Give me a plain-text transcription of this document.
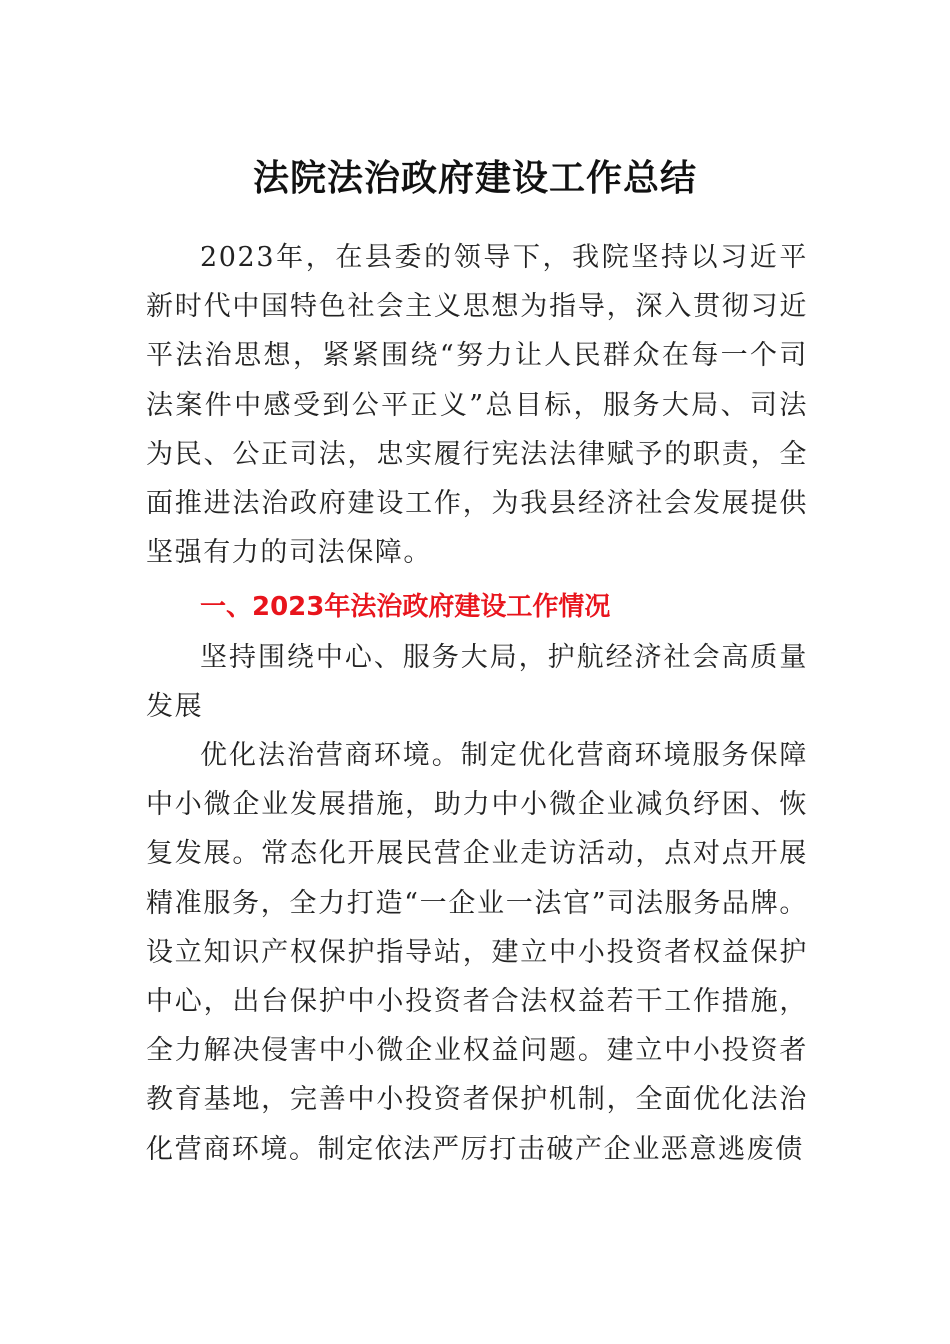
法院法治政府建设工作总结

2023年，在县委的领导下，我院坚持以习近平新时代中国特色社会主义思想为指导，深入贯彻习近平法治思想，紧紧围绕“努力让人民群众在每一个司法案件中感受到公平正义”总目标，服务大局、司法为民、公正司法，忠实履行宪法法律赋予的职责，全面推进法治政府建设工作，为我县经济社会发展提供坚强有力的司法保障。

一、2023年法治政府建设工作情况

坚持围绕中心、服务大局，护航经济社会高质量发展

优化法治营商环境。制定优化营商环境服务保障中小微企业发展措施，助力中小微企业减负纾困、恢复发展。常态化开展民营企业走访活动，点对点开展精准服务，全力打造“一企业一法官”司法服务品牌。设立知识产权保护指导站，建立中小投资者权益保护中心，出台保护中小投资者合法权益若干工作措施，全力解决侵害中小微企业权益问题。建立中小投资者教育基地，完善中小投资者保护机制，全面优化法治化营商环境。制定依法严厉打击破产企业恶意逃废债
